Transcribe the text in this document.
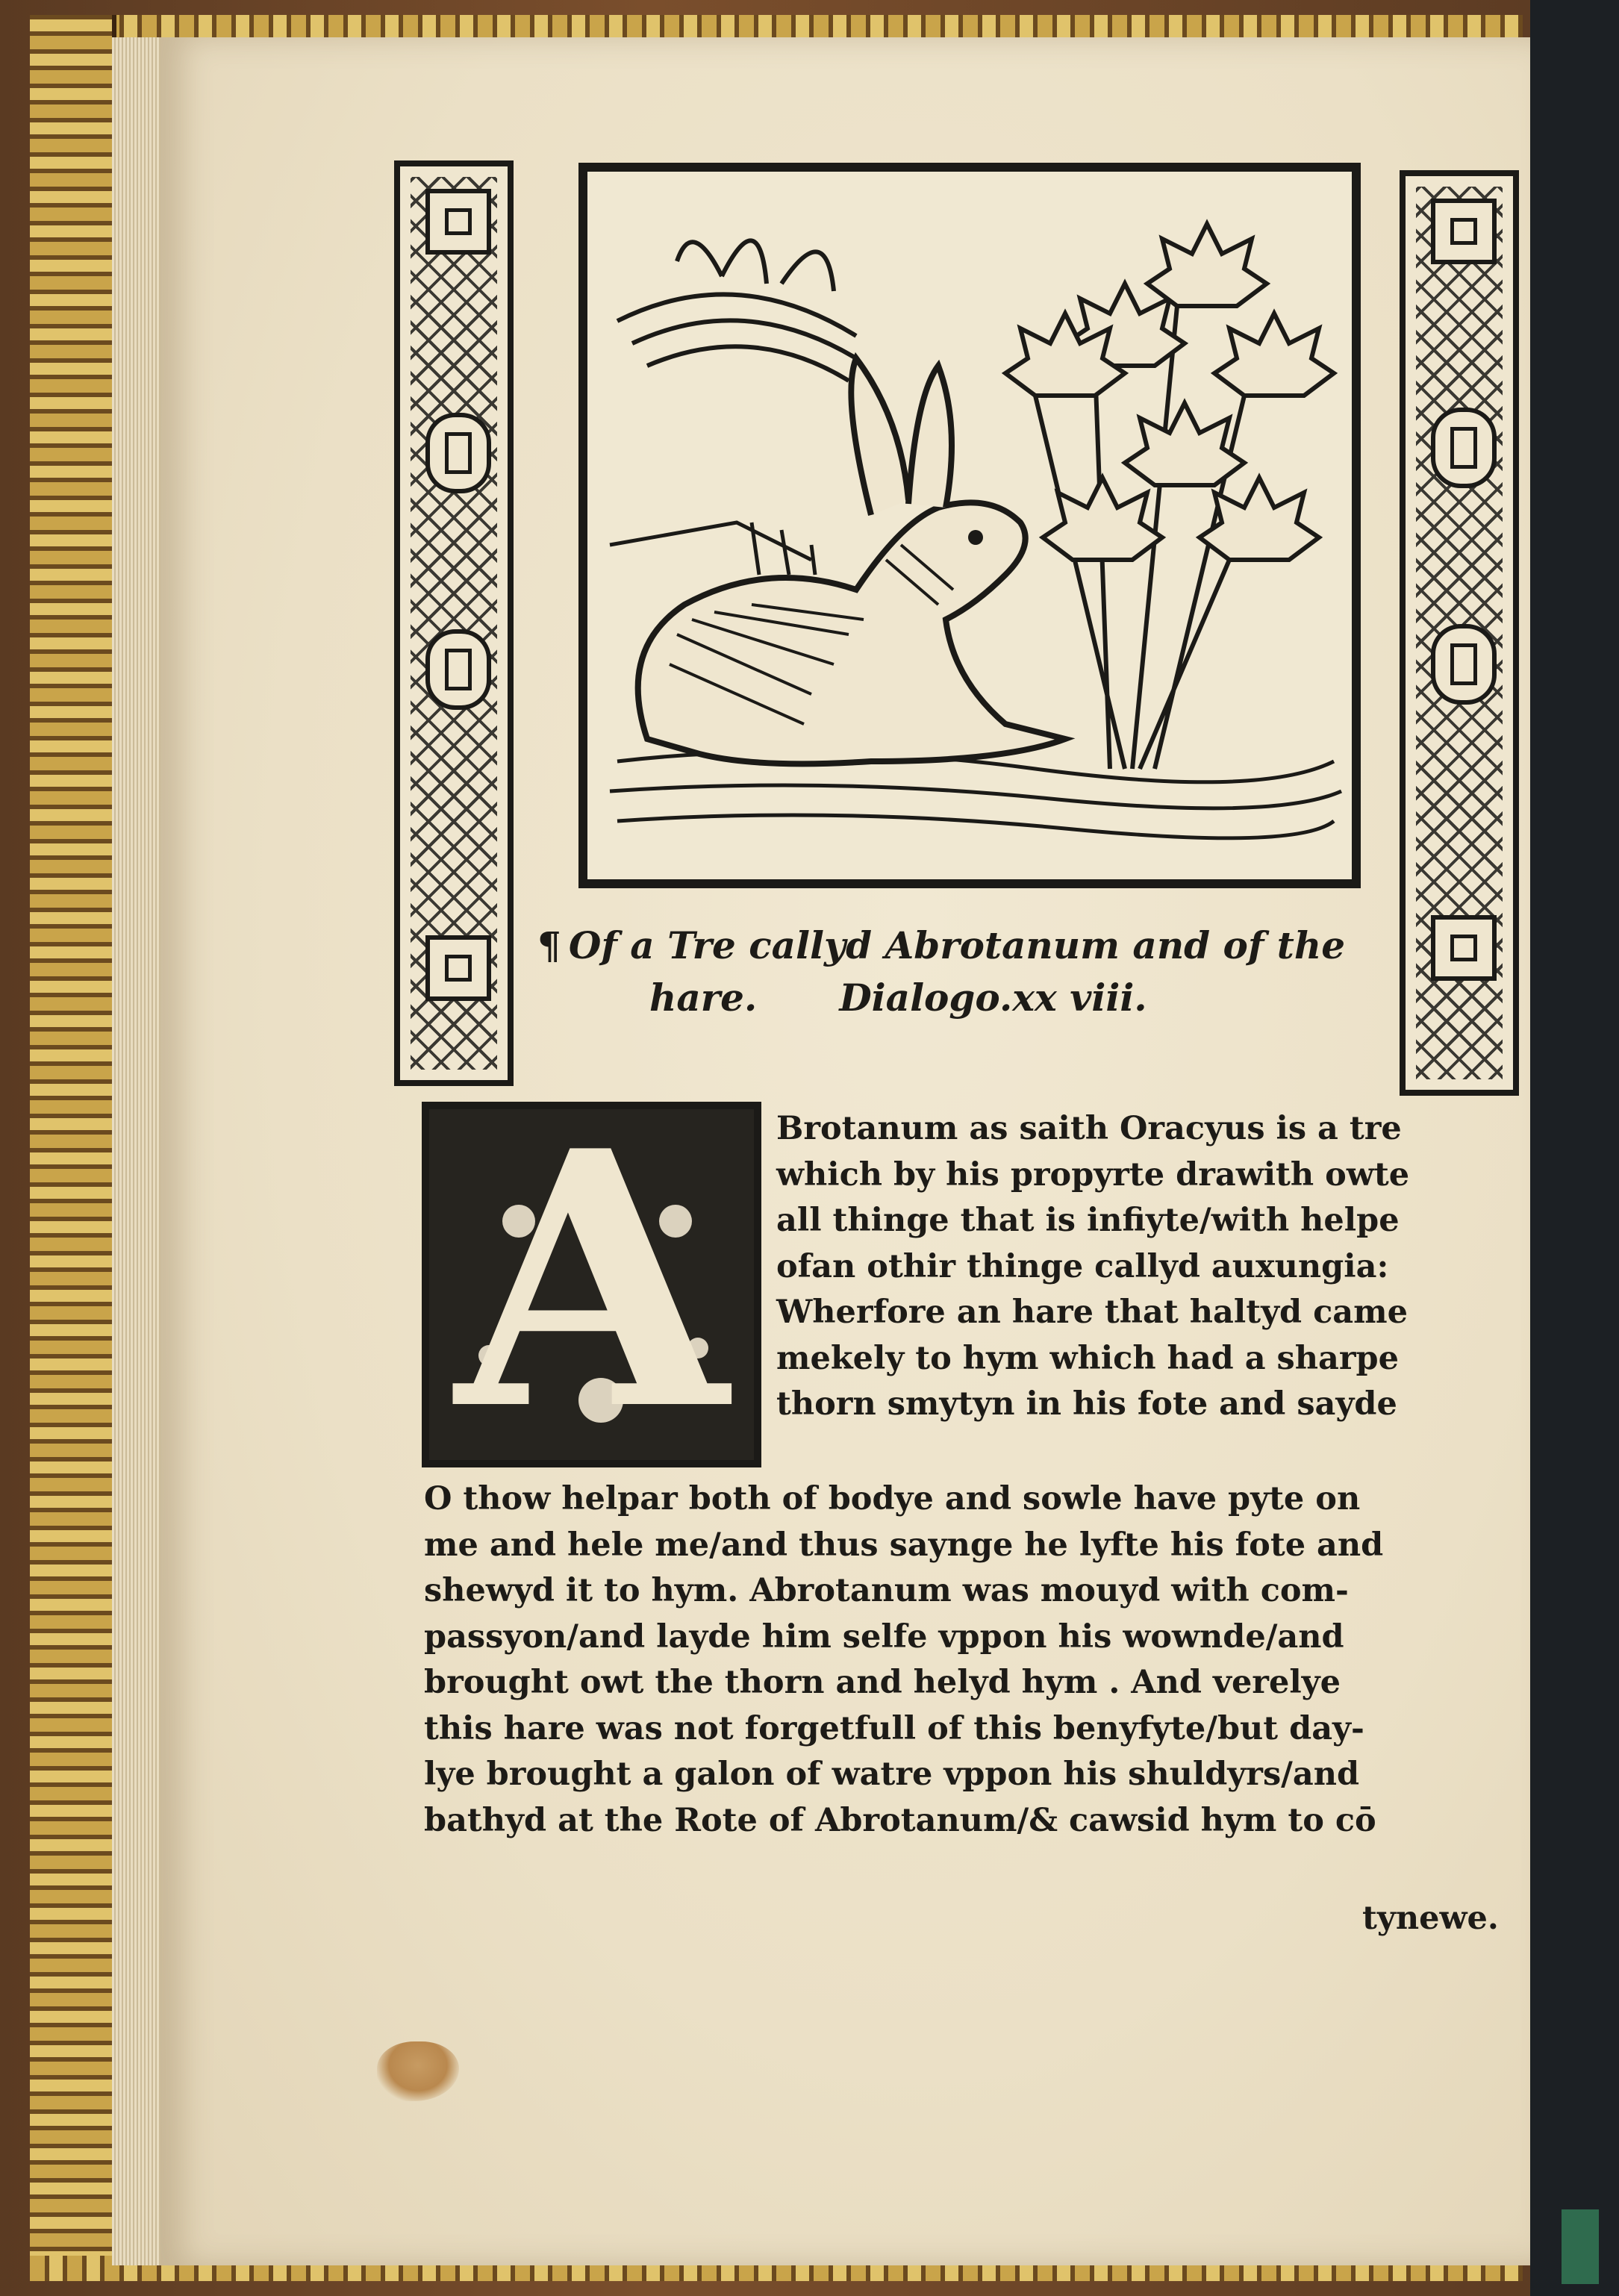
¶ Of a Tre callyd Abrotanum and of the
hare. Dialogo.xx viii.
A	Brotanum as saith Oracyus is a tre
which by his propyrte drawith owte
all thinge that is infiyte/with helpe
ofan othir thinge callyd auxungia:
Wherfore an hare that haltyd came
mekely to hym which had a sharpe
thorn smytyn in his fote and sayde
O thow helpar both of bodye and sowle have pyte on
me and hele me/and thus saynge he lyfte his fote and
shewyd it to hym. Abrotanum was mouyd with com-
passyon/and layde him selfe vppon his wownde/and
brought owt the thorn and helyd hym . And verelye
this hare was not forgetfull of this benyfyte/but day-
lye brought a galon of watre vppon his shuldyrs/and
bathyd at the Rote of Abrotanum/& cawsid hym to cō
tynewe.
